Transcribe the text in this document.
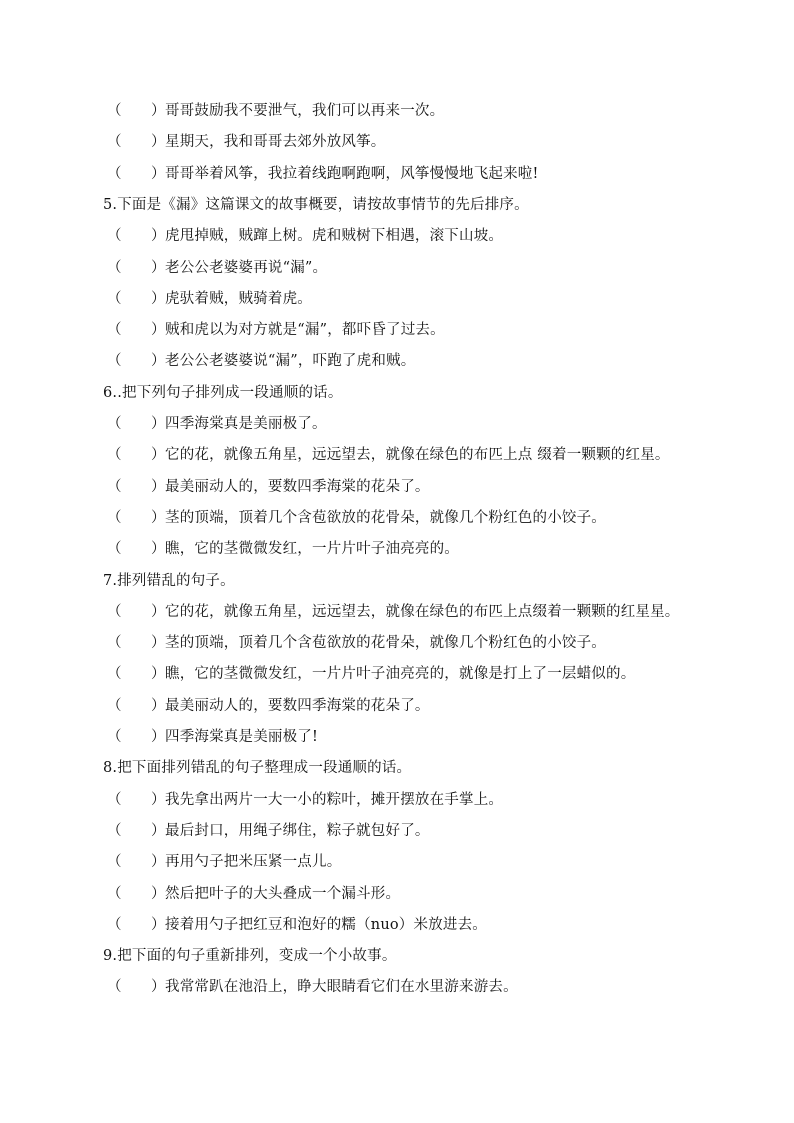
（ ）哥哥鼓励我不要泄气，我们可以再来一次。
（ ）星期天，我和哥哥去郊外放风筝。
（ ）哥哥举着风筝，我拉着线跑啊跑啊，风筝慢慢地飞起来啦!
5.下面是《漏》这篇课文的故事概要，请按故事情节的先后排序。
（ ）虎甩掉贼，贼蹿上树。虎和贼树下相遇，滚下山坡。
（ ）老公公老婆婆再说“漏”。
（ ）虎驮着贼，贼骑着虎。
（ ）贼和虎以为对方就是“漏”，都吓昏了过去。
（ ）老公公老婆婆说“漏”，吓跑了虎和贼。
6..把下列句子排列成一段通顺的话。
（ ）四季海棠真是美丽极了。
（ ）它的花，就像五角星，远远望去，就像在绿色的布匹上点 缀着一颗颗的红星。
（ ）最美丽动人的，要数四季海棠的花朵了。
（ ）茎的顶端，顶着几个含苞欲放的花骨朵，就像几个粉红色的小饺子。
（ ）瞧，它的茎微微发红，一片片叶子油亮亮的。
7.排列错乱的句子。
（ ）它的花，就像五角星，远远望去，就像在绿色的布匹上点缀着一颗颗的红星星。
（ ）茎的顶端，顶着几个含苞欲放的花骨朵，就像几个粉红色的小饺子。
（ ）瞧，它的茎微微发红，一片片叶子油亮亮的，就像是打上了一层蜡似的。
（ ）最美丽动人的，要数四季海棠的花朵了。
（ ）四季海棠真是美丽极了!
8.把下面排列错乱的句子整理成一段通顺的话。
（ ）我先拿出两片一大一小的粽叶，摊开摆放在手掌上。
（ ）最后封口，用绳子绑住，粽子就包好了。
（ ）再用勺子把米压紧一点儿。
（ ）然后把叶子的大头叠成一个漏斗形。
（ ）接着用勺子把红豆和泡好的糯（nuo）米放进去。
9.把下面的句子重新排列，变成一个小故事。
（ ）我常常趴在池沿上，睁大眼睛看它们在水里游来游去。
